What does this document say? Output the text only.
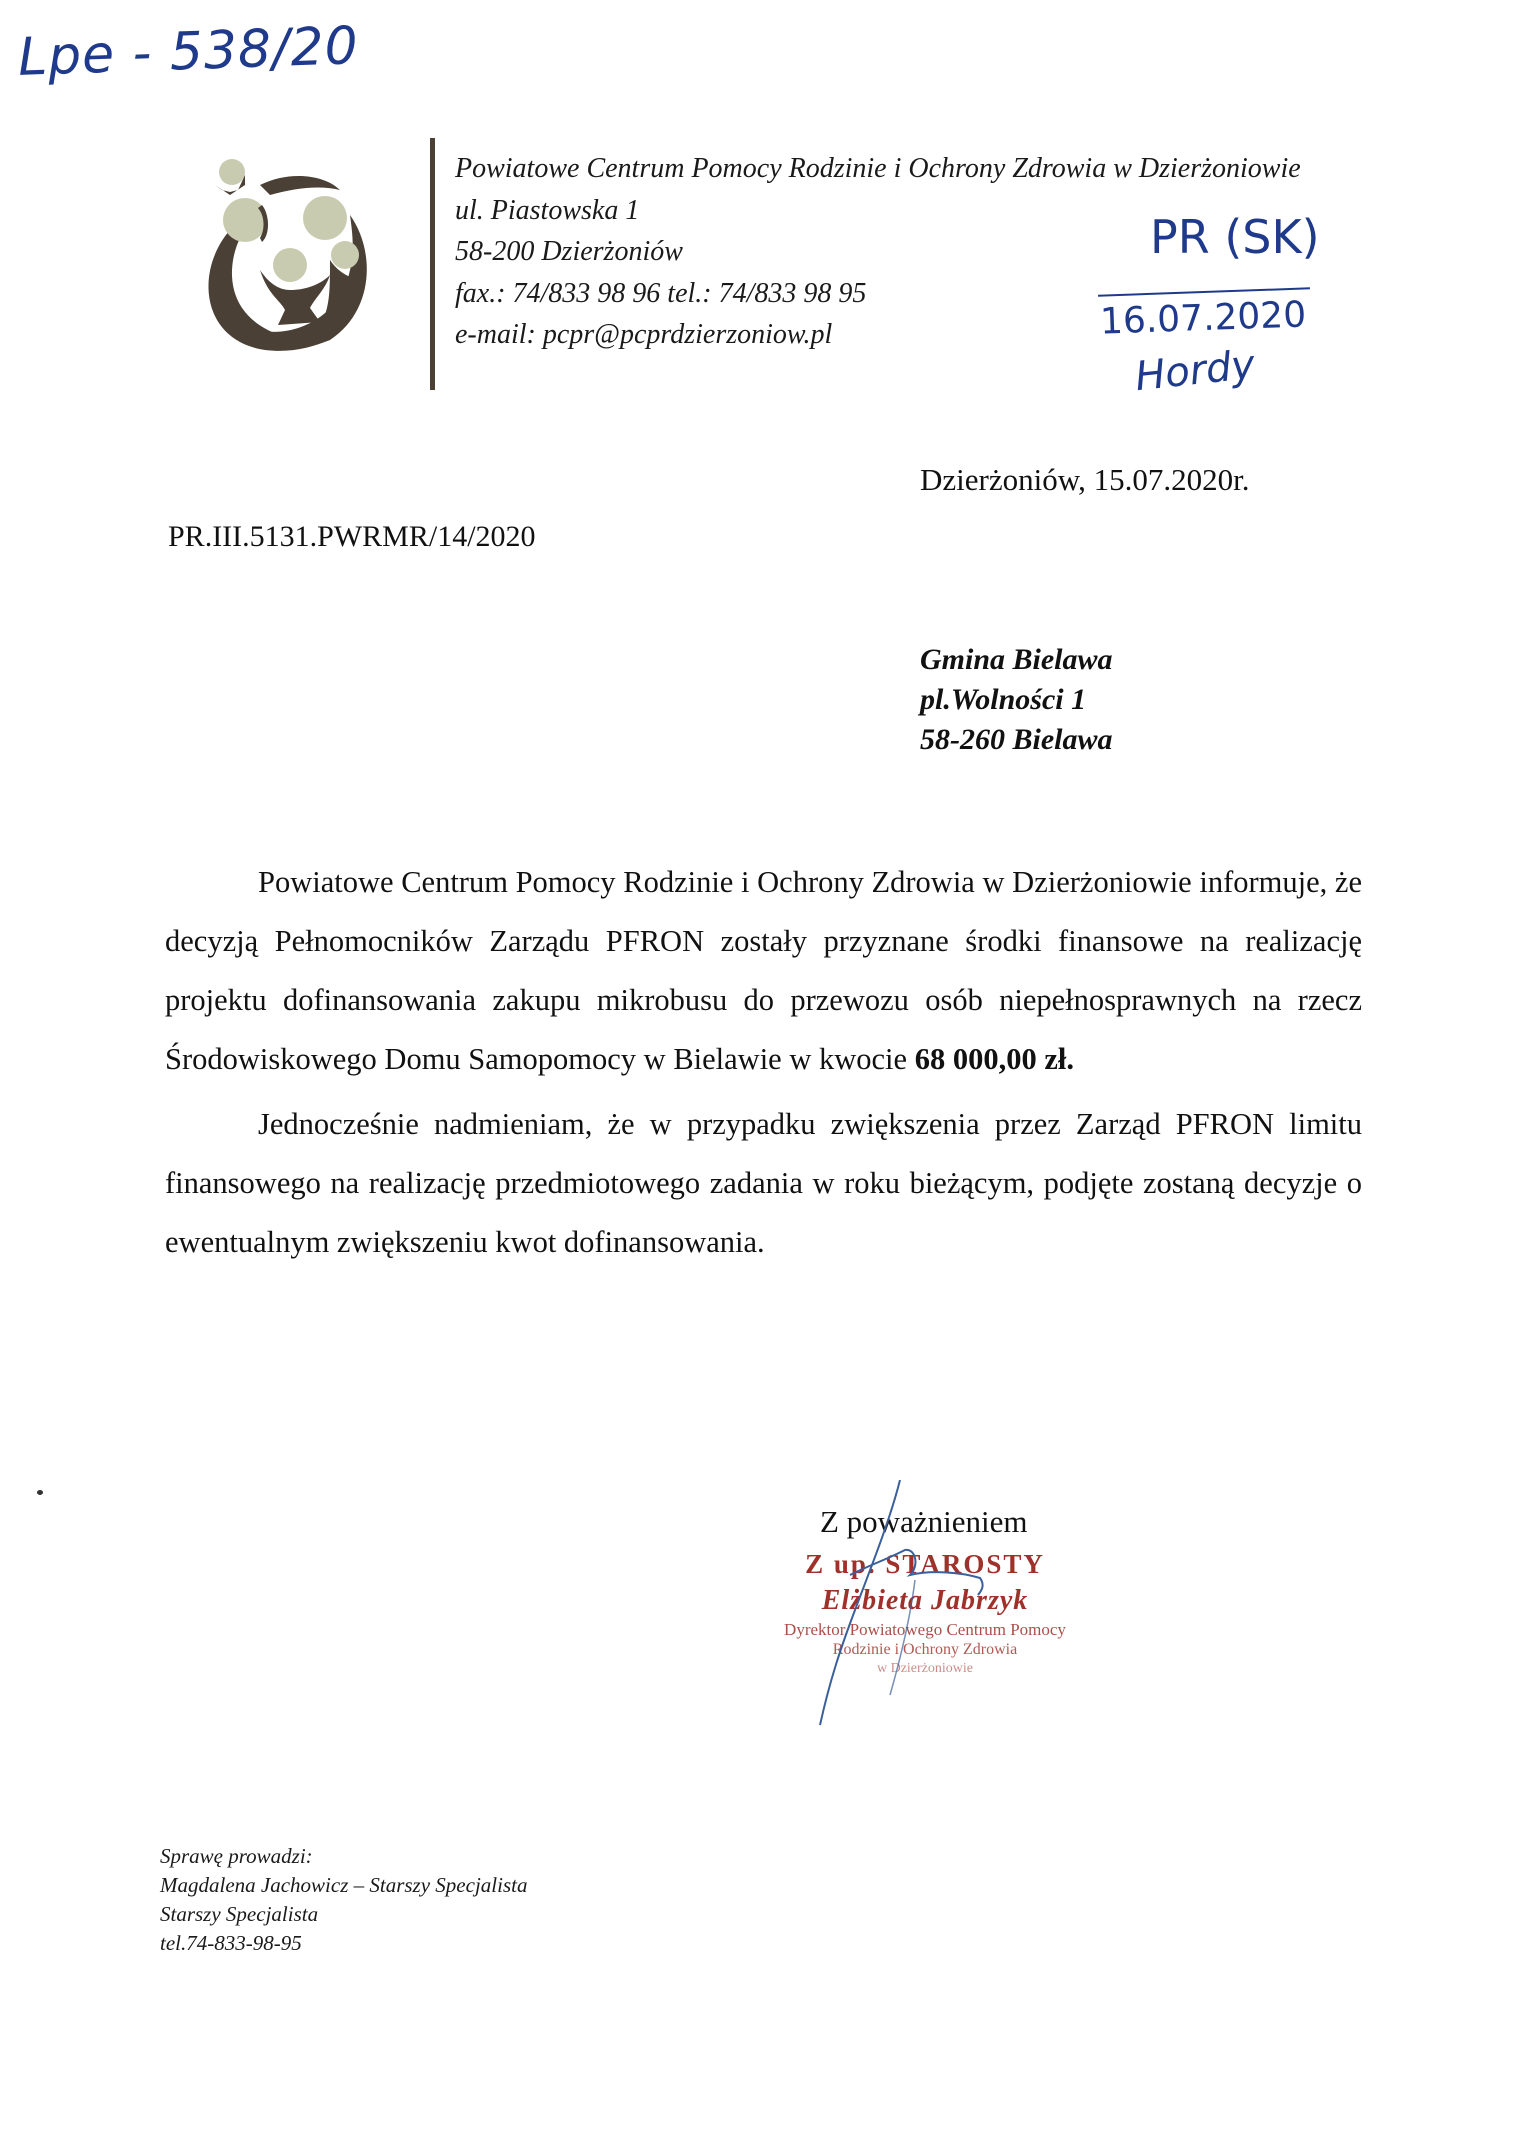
Lpe - 538/20
PR (SK)
16.07.2020
Hordy
Powiatowe Centrum Pomocy Rodzinie i Ochrony Zdrowia w Dzierżoniowie
ul. Piastowska 1
58-200 Dzierżoniów
fax.: 74/833 98 96 tel.: 74/833 98 95
e-mail: pcpr@pcprdzierzoniow.pl
Dzierżoniów, 15.07.2020r.
PR.III.5131.PWRMR/14/2020
Gmina Bielawa
pl.Wolności 1
58-260 Bielawa

Powiatowe Centrum Pomocy Rodzinie i Ochrony Zdrowia w Dzierżoniowie informuje, że decyzją Pełnomocników Zarządu PFRON zostały przyznane środki finansowe na realizację projektu dofinansowania zakupu mikrobusu do przewozu osób niepełnosprawnych na rzecz Środowiskowego Domu Samopomocy w Bielawie w kwocie 68 000,00 zł.

Jednocześnie nadmieniam, że w przypadku zwiększenia przez Zarząd PFRON limitu finansowego na realizację przedmiotowego zadania w roku bieżącym, podjęte zostaną decyzje o ewentualnym zwiększeniu kwot dofinansowania.

Z poważnieniem
Z up. STAROSTY
Elżbieta Jabrzyk
Dyrektor Powiatowego Centrum Pomocy
Rodzinie i Ochrony Zdrowia
w Dzierżoniowie
Sprawę prowadzi:
Magdalena Jachowicz – Starszy Specjalista
Starszy Specjalista
tel.74-833-98-95
